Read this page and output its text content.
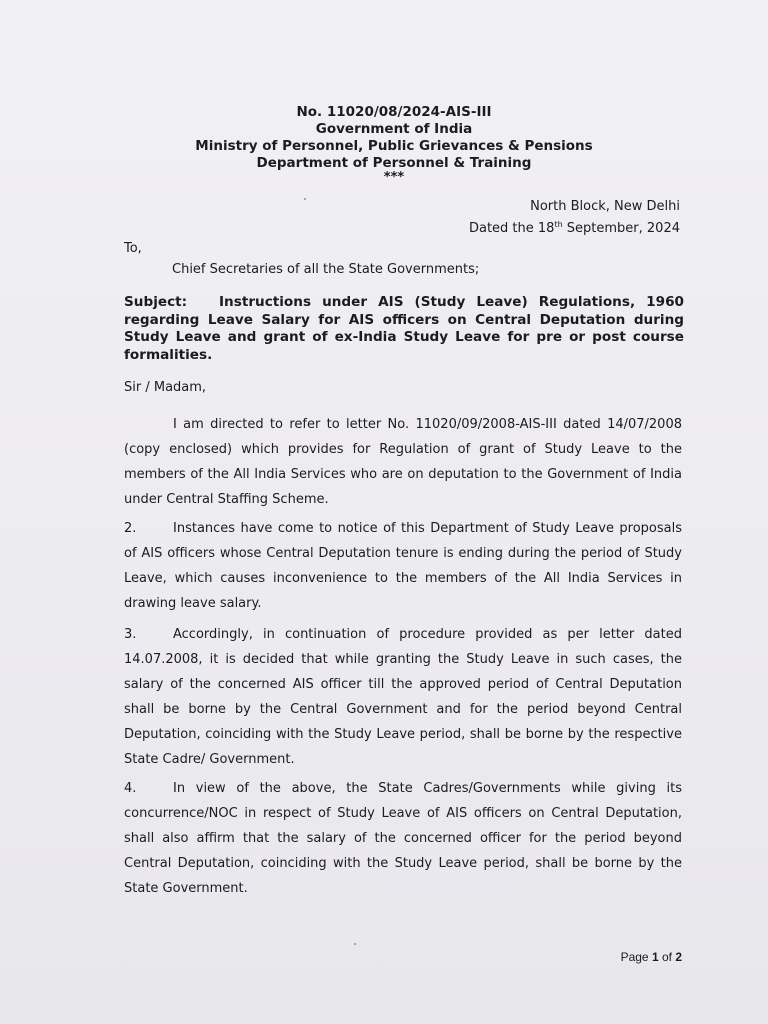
No. 11020/08/2024-AIS-III
Government of India
Ministry of Personnel, Public Grievances & Pensions
Department of Personnel & Training
***
North Block, New Delhi
Dated the 18th September, 2024
To,
Chief Secretaries of all the State Governments;
Subject: Instructions under AIS (Study Leave) Regulations, 1960 regarding Leave Salary for AIS officers on Central Deputation during Study Leave and grant of ex-India Study Leave for pre or post course formalities.
Sir / Madam,
I am directed to refer to letter No. 11020/09/2008-AIS-III dated 14/07/2008 (copy enclosed) which provides for Regulation of grant of Study Leave to the members of the All India Services who are on deputation to the Government of India under Central Staffing Scheme.
2.	Instances have come to notice of this Department of Study Leave proposals of AIS officers whose Central Deputation tenure is ending during the period of Study Leave, which causes inconvenience to the members of the All India Services in drawing leave salary.
3.	Accordingly, in continuation of procedure provided as per letter dated 14.07.2008, it is decided that while granting the Study Leave in such cases, the salary of the concerned AIS officer till the approved period of Central Deputation shall be borne by the Central Government and for the period beyond Central Deputation, coinciding with the Study Leave period, shall be borne by the respective State Cadre/ Government.
4.	In view of the above, the State Cadres/Governments while giving its concurrence/NOC in respect of Study Leave of AIS officers on Central Deputation, shall also affirm that the salary of the concerned officer for the period beyond Central Deputation, coinciding with the Study Leave period, shall be borne by the State Government.
Page 1 of 2
